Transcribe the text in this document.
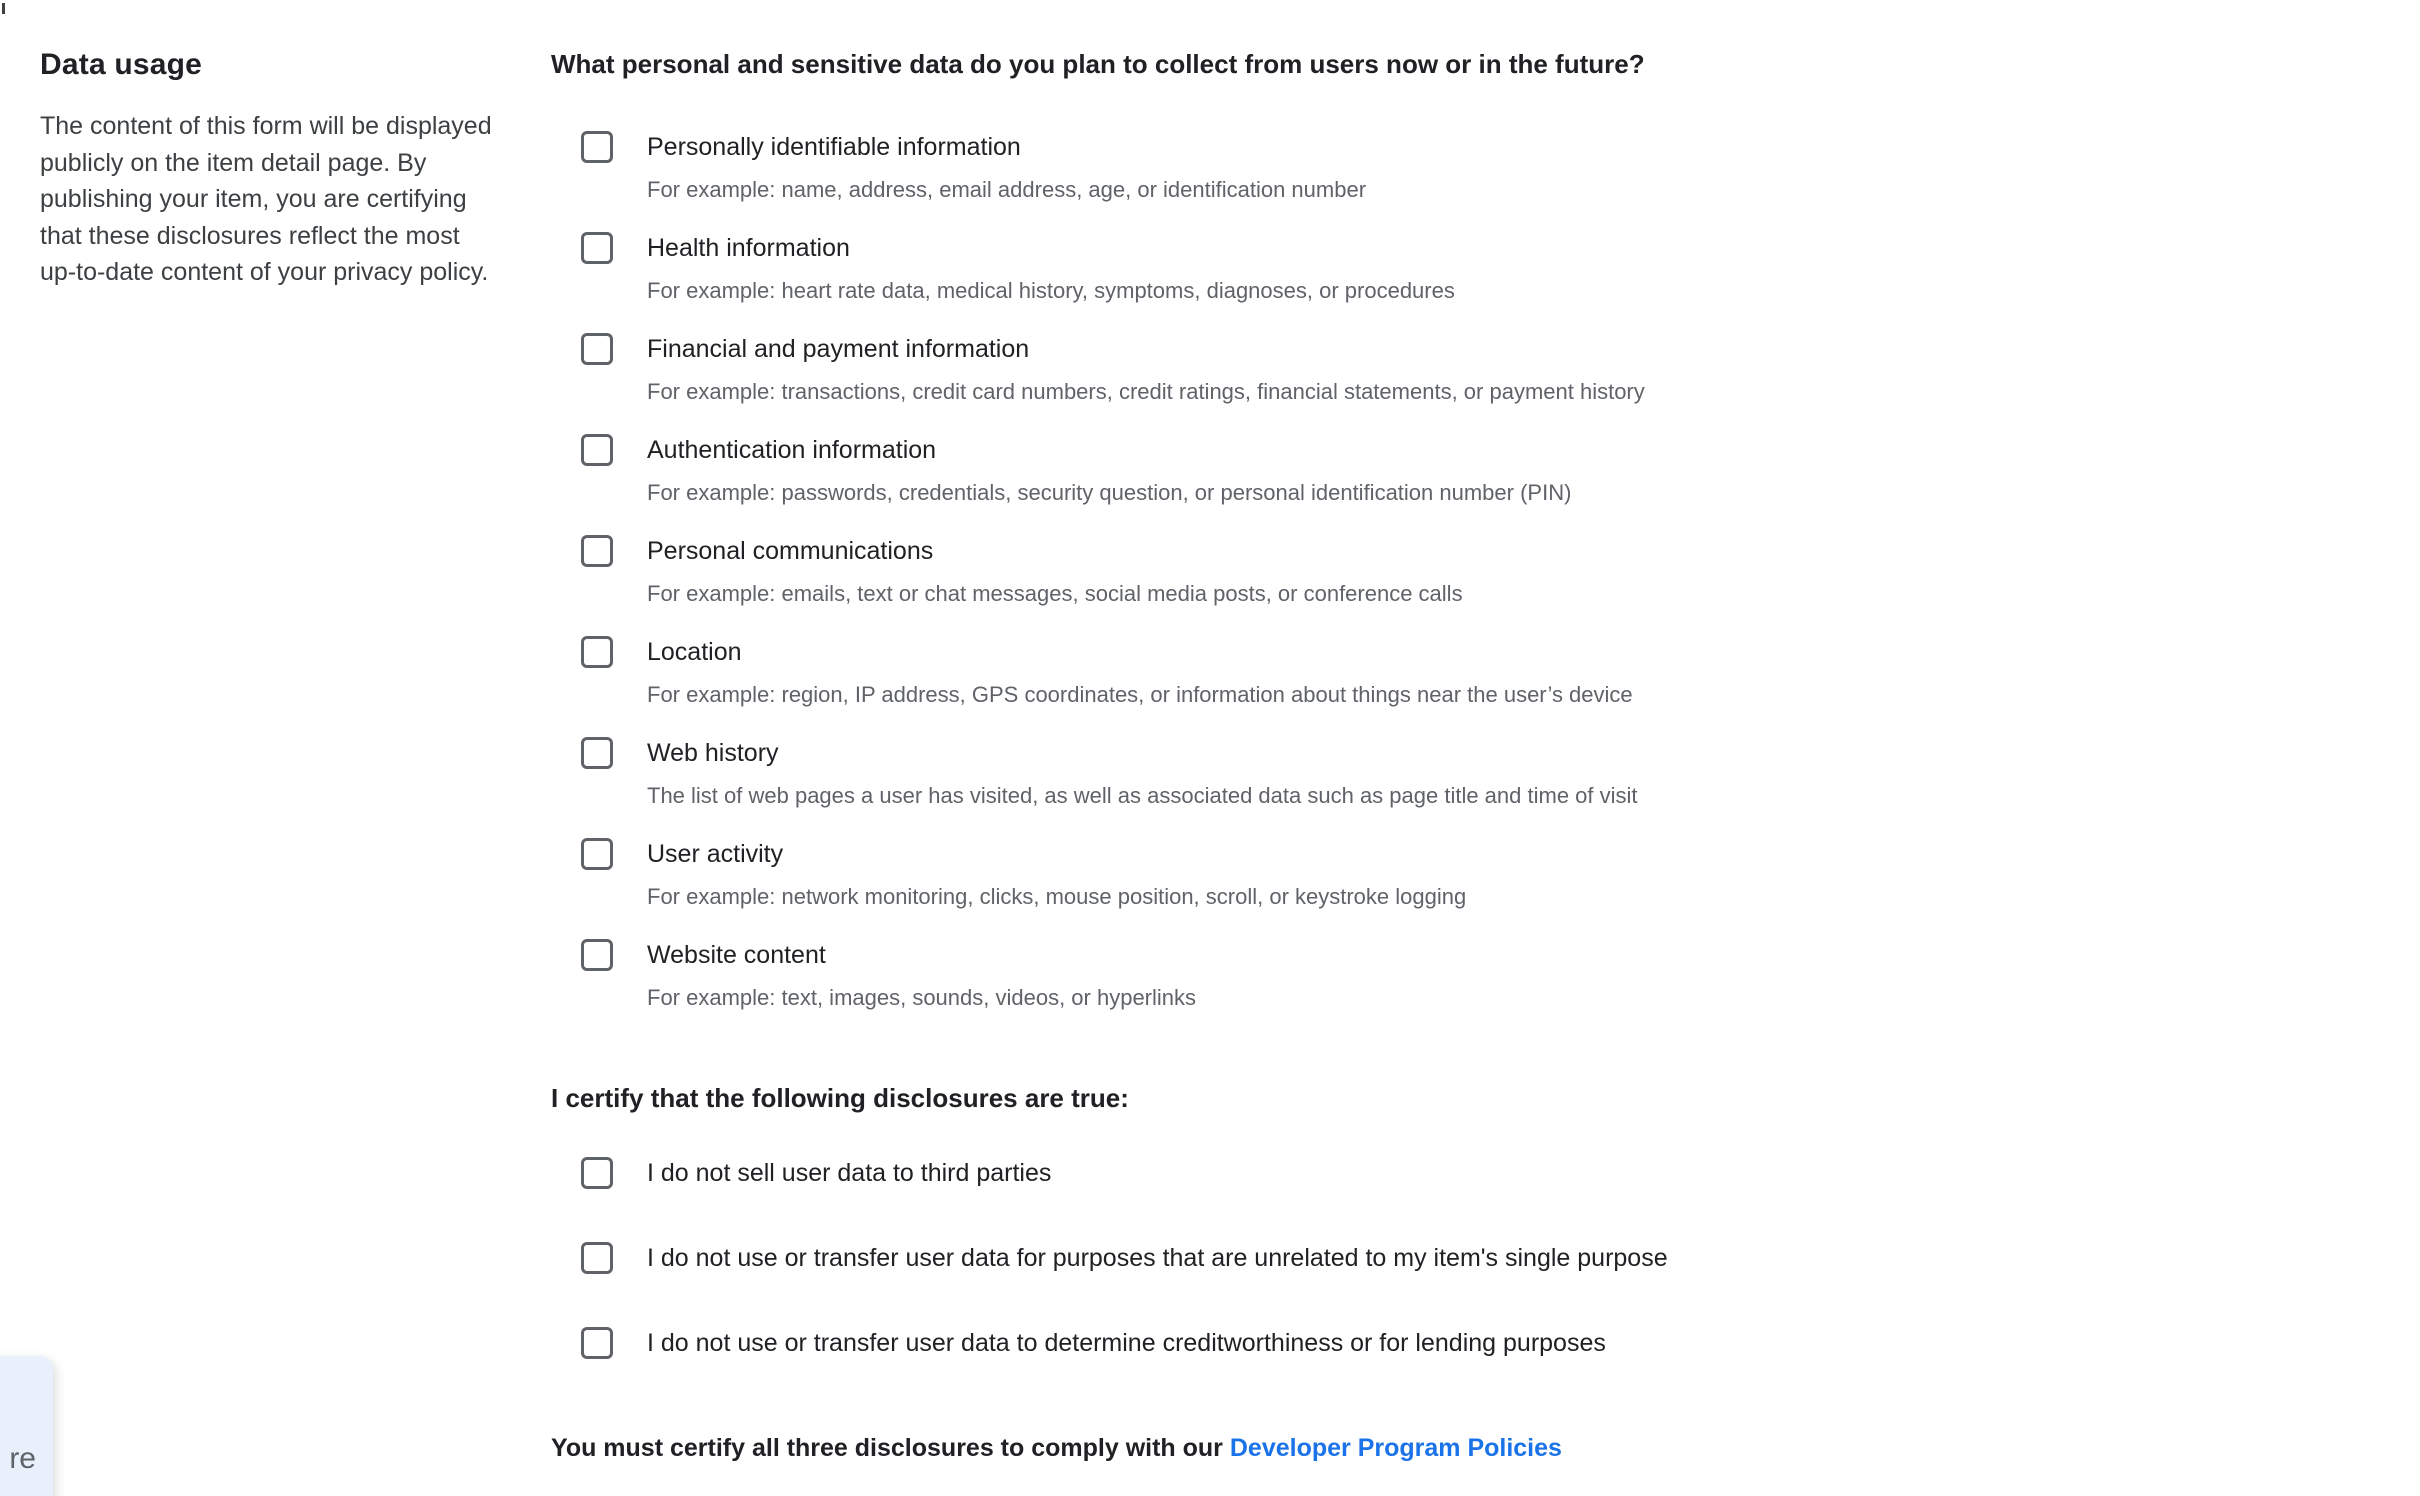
Data usage

The content of this form will be displayed publicly on the item detail page. By publishing your item, you are certifying that these disclosures reflect the most up-to-date content of your privacy policy.

What personal and sensitive data do you plan to collect from users now or in the future?
Personally identifiable information
For example: name, address, email address, age, or identification number
Health information
For example: heart rate data, medical history, symptoms, diagnoses, or procedures
Financial and payment information
For example: transactions, credit card numbers, credit ratings, financial statements, or payment history
Authentication information
For example: passwords, credentials, security question, or personal identification number (PIN)
Personal communications
For example: emails, text or chat messages, social media posts, or conference calls
Location
For example: region, IP address, GPS coordinates, or information about things near the user’s device
Web history
The list of web pages a user has visited, as well as associated data such as page title and time of visit
User activity
For example: network monitoring, clicks, mouse position, scroll, or keystroke logging
Website content
For example: text, images, sounds, videos, or hyperlinks
I certify that the following disclosures are true:
I do not sell user data to third parties
I do not use or transfer user data for purposes that are unrelated to my item's single purpose
I do not use or transfer user data to determine creditworthiness or for lending purposes

You must certify all three disclosures to comply with our Developer Program Policies

re
